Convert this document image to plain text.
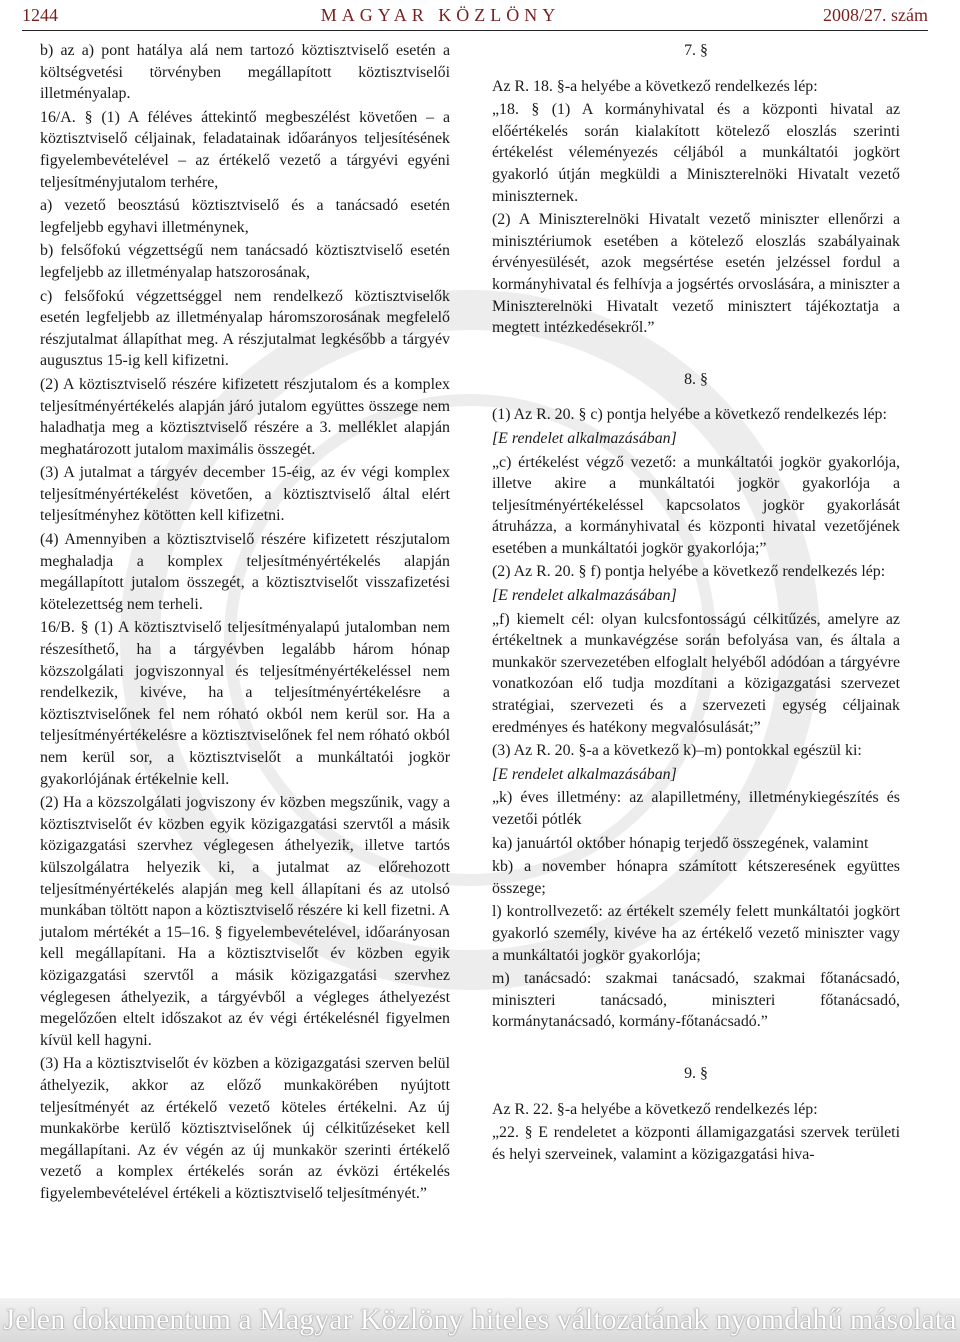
1244	MAGYAR KÖZLÖNY	2008/27. szám

b) az a) pont hatálya alá nem tartozó köztisztviselő esetén a költségvetési törvényben megállapított köztisztviselői illetményalap.

16/A. § (1) A féléves áttekintő megbeszélést követően – a köztisztviselő céljainak, feladatainak időarányos teljesítésének figyelembevételével – az értékelő vezető a tárgyévi egyéni teljesítményjutalom terhére,

a) vezető beosztású köztisztviselő és a tanácsadó esetén legfeljebb egyhavi illetménynek,

b) felsőfokú végzettségű nem tanácsadó köztisztviselő esetén legfeljebb az illetményalap hatszorosának,

c) felsőfokú végzettséggel nem rendelkező köztisztviselők esetén legfeljebb az illetményalap háromszorosának megfelelő részjutalmat állapíthat meg. A részjutalmat legkésőbb a tárgyév augusztus 15-ig kell kifizetni.

(2) A köztisztviselő részére kifizetett részjutalom és a komplex teljesítményértékelés alapján járó jutalom együttes összege nem haladhatja meg a köztisztviselő részére a 3. melléklet alapján meghatározott jutalom maximális összegét.

(3) A jutalmat a tárgyév december 15-éig, az év végi komplex teljesítményértékelést követően, a köztisztviselő által elért teljesítményhez kötötten kell kifizetni.

(4) Amennyiben a köztisztviselő részére kifizetett részjutalom meghaladja a komplex teljesítményértékelés alapján megállapított jutalom összegét, a köztisztviselőt visszafizetési kötelezettség nem terheli.

16/B. § (1) A köztisztviselő teljesítményalapú jutalomban nem részesíthető, ha a tárgyévben legalább három hónap közszolgálati jogviszonnyal és teljesítményértékeléssel nem rendelkezik, kivéve, ha a teljesítményértékelésre a köztisztviselőnek fel nem róható okból nem kerül sor. Ha a teljesítményértékelésre a köztisztviselőnek fel nem róható okból nem kerül sor, a köztisztviselőt a munkáltatói jogkör gyakorlójának értékelnie kell.

(2) Ha a közszolgálati jogviszony év közben megszűnik, vagy a köztisztviselőt év közben egyik közigazgatási szervtől a másik közigazgatási szervhez véglegesen áthelyezik, illetve tartós külszolgálatra helyezik ki, a jutalmat az előrehozott teljesítményértékelés alapján meg kell állapítani és az utolsó munkában töltött napon a köztisztviselő részére ki kell fizetni. A jutalom mértékét a 15–16. § figyelembevételével, időarányosan kell megállapítani. Ha a köztisztviselőt év közben egyik közigazgatási szervtől a másik közigazgatási szervhez véglegesen áthelyezik, a tárgyévből a végleges áthelyezést megelőzően eltelt időszakot az év végi értékelésnél figyelmen kívül kell hagyni.

(3) Ha a köztisztviselőt év közben a közigazgatási szerven belül áthelyezik, akkor az előző munkakörében nyújtott teljesítményét az értékelő vezető köteles értékelni. Az új munkakörbe kerülő köztisztviselőnek új célkitűzéseket kell megállapítani. Az év végén az új munkakör szerinti értékelő vezető a komplex értékelés során az évközi értékelés figyelembevételével értékeli a köztisztviselő teljesítményét.”

7. §

Az R. 18. §-a helyébe a következő rendelkezés lép:

„18. § (1) A kormányhivatal és a központi hivatal az előértékelés során kialakított kötelező eloszlás szerinti értékelést véleményezés céljából a munkáltatói jogkört gyakorló útján megküldi a Miniszterelnöki Hivatalt vezető miniszternek.

(2) A Miniszterelnöki Hivatalt vezető miniszter ellenőrzi a minisztériumok esetében a kötelező eloszlás szabályainak érvényesülését, azok megsértése esetén jelzéssel fordul a kormányhivatal és felhívja a jogsértés orvoslására, a miniszter a Miniszterelnöki Hivatalt vezető minisztert tájékoztatja a megtett intézkedésekről.”

8. §

(1) Az R. 20. § c) pontja helyébe a következő rendelkezés lép:

[E rendelet alkalmazásában]

„c) értékelést végző vezető: a munkáltatói jogkör gyakorlója, illetve akire a munkáltatói jogkör gyakorlója a teljesítményértékeléssel kapcsolatos jogkör gyakorlását átruházza, a kormányhivatal és központi hivatal vezetőjének esetében a munkáltatói jogkör gyakorlója;”

(2) Az R. 20. § f) pontja helyébe a következő rendelkezés lép:

[E rendelet alkalmazásában]

„f) kiemelt cél: olyan kulcsfontosságú célkitűzés, amelyre az értékeltnek a munkavégzése során befolyása van, és általa a munkakör szervezetében elfoglalt helyéből adódóan a tárgyévre vonatkozóan elő tudja mozdítani a közigazgatási szervezet stratégiai, szervezeti és a szervezeti egység céljainak eredményes és hatékony megvalósulását;”

(3) Az R. 20. §-a a következő k)–m) pontokkal egészül ki:

[E rendelet alkalmazásában]

„k) éves illetmény: az alapilletmény, illetménykiegészítés és vezetői pótlék

ka) januártól október hónapig terjedő összegének, valamint

kb) a november hónapra számított kétszeresének együttes összege;

l) kontrollvezető: az értékelt személy felett munkáltatói jogkört gyakorló személy, kivéve ha az értékelő vezető miniszter vagy a munkáltatói jogkör gyakorlója;

m) tanácsadó: szakmai tanácsadó, szakmai főtanácsadó, miniszteri tanácsadó, miniszteri főtanácsadó, kormánytanácsadó, kormány-főtanácsadó.”

9. §

Az R. 22. §-a helyébe a következő rendelkezés lép:

„22. § E rendeletet a központi államigazgatási szervek területi és helyi szerveinek, valamint a közigazgatási hiva-

Jelen dokumentum a Magyar Közlöny hiteles változatának nyomdahű másolata
